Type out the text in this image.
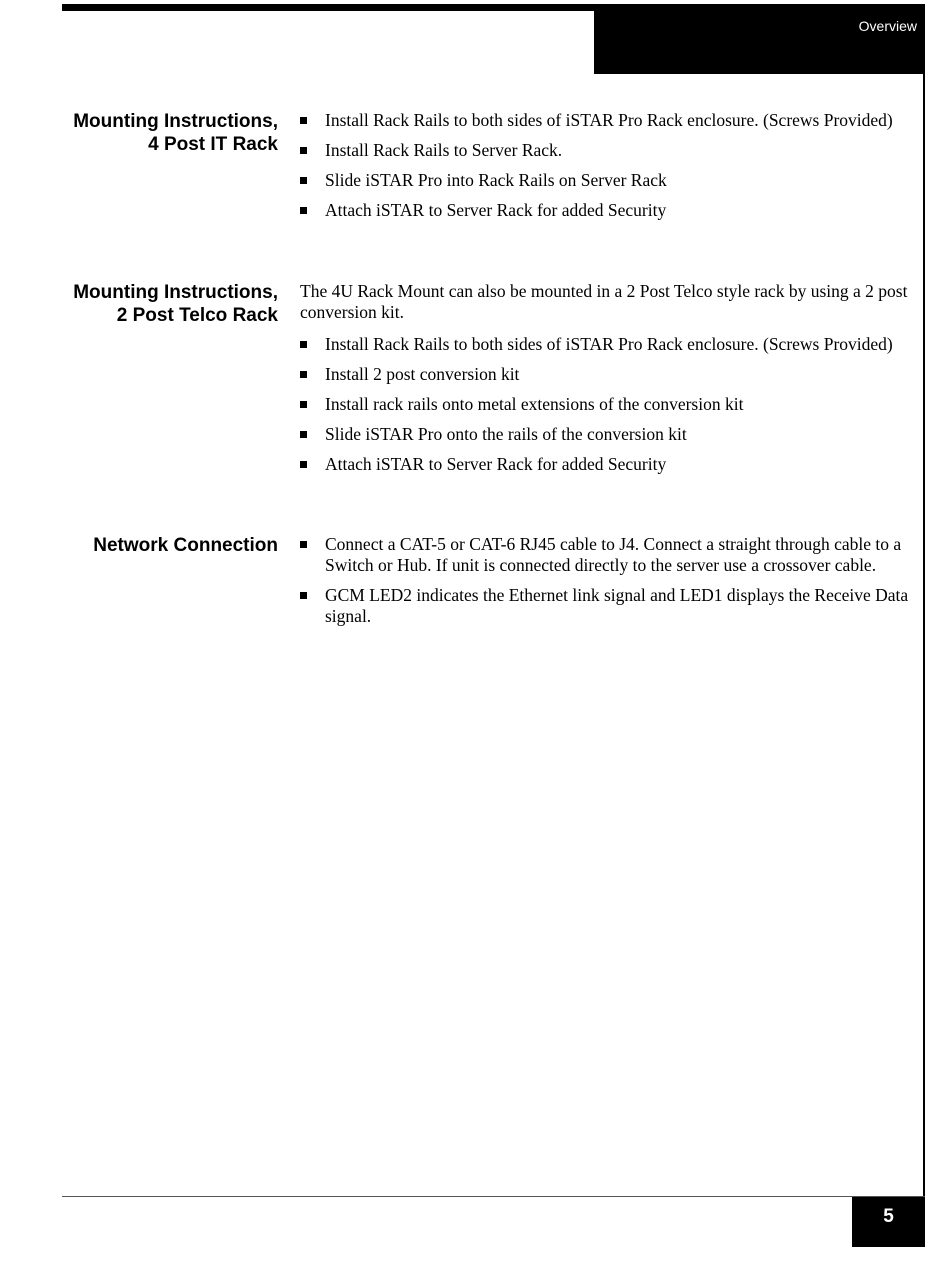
Overview
Mounting Instructions,
4 Post IT Rack
Install Rack Rails to both sides of iSTAR Pro Rack enclosure. (Screws Provided)
Install Rack Rails to Server Rack.
Slide iSTAR Pro into Rack Rails on Server Rack
Attach iSTAR to Server Rack for added Security
Mounting Instructions,
2 Post Telco Rack

The 4U Rack Mount can also be mounted in a 2 Post Telco style rack by using a 2 post conversion kit.

Install Rack Rails to both sides of iSTAR Pro Rack enclosure. (Screws Provided)
Install 2 post conversion kit
Install rack rails onto metal extensions of the conversion kit
Slide iSTAR Pro onto the rails of the conversion kit
Attach iSTAR to Server Rack for added Security
Network Connection	Connect a CAT-5 or CAT-6 RJ45 cable to J4. Connect a straight through cable to a Switch or Hub. If unit is connected directly to the server use a crossover cable.
GCM LED2 indicates the Ethernet link signal and LED1 displays the Receive Data signal.
5
